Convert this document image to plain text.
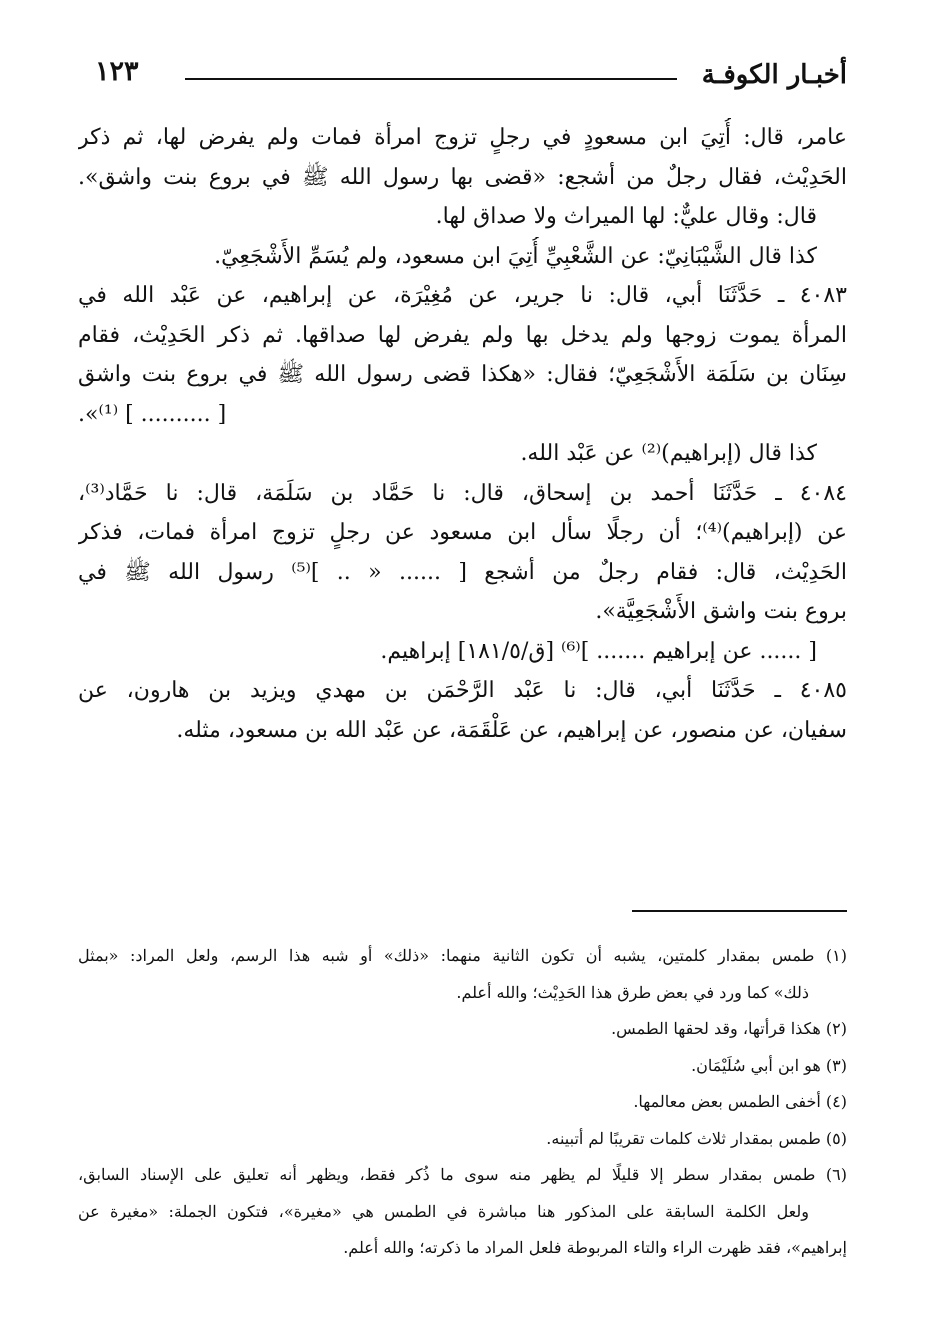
أخبـار الكوفـة
١٢٣
عامر، قال: أُتِيَ ابن مسعودٍ في رجلٍ تزوج امرأة فمات ولم يفرض لها، ثم ذكر
الحَدِيْث، فقال رجلٌ من أشجع: «قضى بها رسول الله ﷺ في بروع بنت واشق».
قال: وقال عليٌّ: لها الميراث ولا صداق لها.
كذا قال الشَّيْبَانِيّ: عن الشَّعْبِيِّ أُتِيَ ابن مسعود، ولم يُسَمِّ الأَشْجَعِيّ.
٤٠٨٣ ـ حَدَّثَنَا أبي، قال: نا جرير، عن مُغِيْرَة، عن إبراهيم، عن عَبْد الله في
المرأة يموت زوجها ولم يدخل بها ولم يفرض لها صداقها. ثم ذكر الحَدِيْث، فقام
سِنَان بن سَلَمَة الأَشْجَعِيّ؛ فقال: «هكذا قضى رسول الله ﷺ في بروع بنت واشق
[ .......... ] ⁽¹⁾».
كذا قال (إبراهيم)⁽²⁾ عن عَبْد الله.
٤٠٨٤ ـ حَدَّثَنَا أحمد بن إسحاق، قال: نا حَمَّاد بن سَلَمَة، قال: نا حَمَّاد⁽³⁾،
عن (إبراهيم)⁽⁴⁾؛ أن رجلًا سأل ابن مسعود عن رجلٍ تزوج امرأة فمات، فذكر
الحَدِيْث، قال: فقام رجلٌ من أشجع [ ...... « .. ]⁽⁵⁾ رسول الله ﷺ في
بروع بنت واشق الأَشْجَعِيَّة».
[ ...... عن إبراهيم ....... ]⁽⁶⁾ [ق/١٨١/٥] إبراهيم.
٤٠٨٥ ـ حَدَّثَنَا أبي، قال: نا عَبْد الرَّحْمَن بن مهدي ويزيد بن هارون، عن
سفيان، عن منصور، عن إبراهيم، عن عَلْقَمَة، عن عَبْد الله بن مسعود، مثله.
(١) طمس بمقدار كلمتين، يشبه أن تكون الثانية منهما: «ذلك» أو شبه هذا الرسم، ولعل المراد: «بمثل
ذلك» كما ورد في بعض طرق هذا الحَدِيْث؛ والله أعلم.
(٢) هكذا قرأتها، وقد لحقها الطمس.
(٣) هو ابن أبي سُلَيْمَان.
(٤) أخفى الطمس بعض معالمها.
(٥) طمس بمقدار ثلاث كلمات تقريبًا لم أتبينه.
(٦) طمس بمقدار سطر إلا قليلًا لم يظهر منه سوى ما ذُكر فقط، ويظهر أنه تعليق على الإسناد السابق،
ولعل الكلمة السابقة على المذكور هنا مباشرة في الطمس هي «مغيرة»، فتكون الجملة: «مغيرة عن
إبراهيم»، فقد ظهرت الراء والتاء المربوطة فلعل المراد ما ذكرته؛ والله أعلم.
